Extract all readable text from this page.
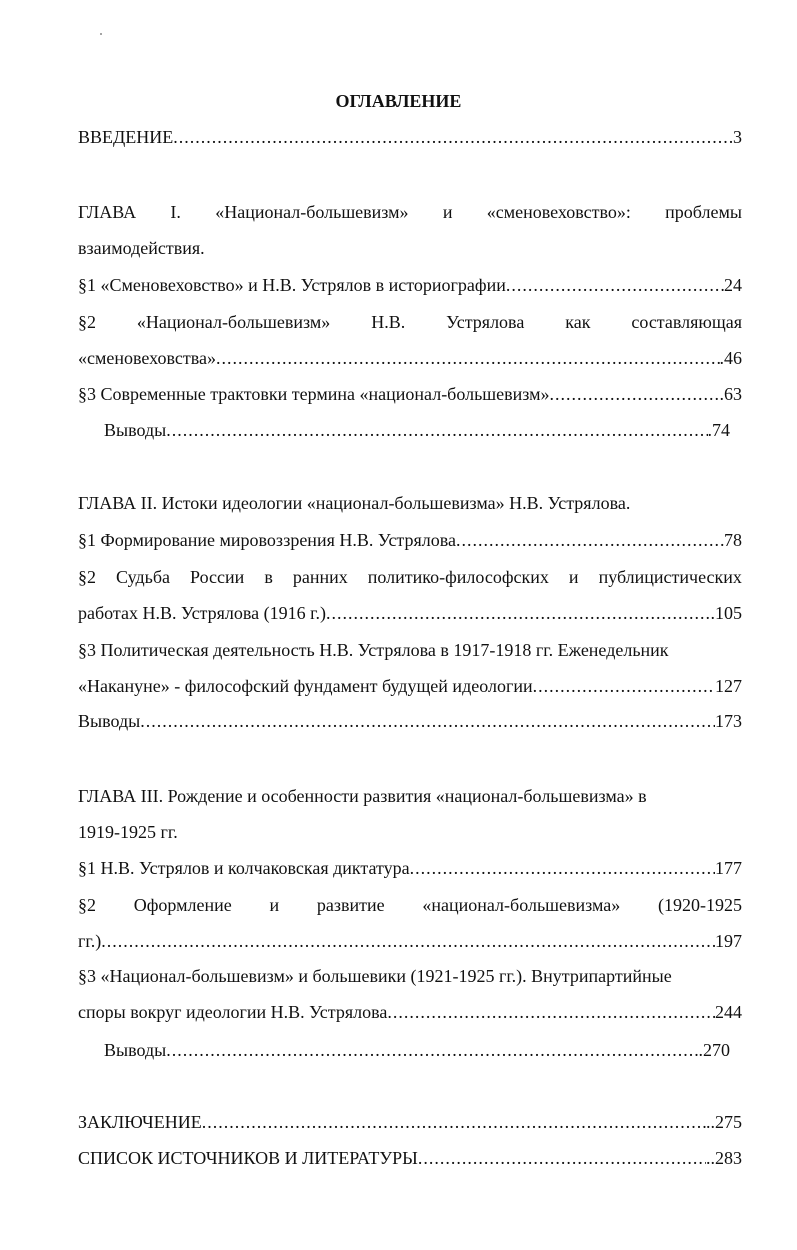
ОГЛАВЛЕНИЕ
ВВЕДЕНИЕ .....	3
ГЛАВА I. «Национал-большевизм» и «сменовеховство»: проблемы
взаимодействия.
§1 «Сменовеховство» и Н.В. Устрялов в историографии .....	24
§2 «Национал-большевизм» Н.В. Устрялова как составляющая
«сменовеховства» .....	.46
§3 Современные трактовки термина «национал-большевизм» .....	.63
Выводы .....	.74
ГЛАВА II. Истоки идеологии «национал-большевизма» Н.В. Устрялова.
§1 Формирование мировоззрения Н.В. Устрялова .....	78
§2 Судьба России в ранних политико-философских и публицистических
работах Н.В. Устрялова (1916 г.) .....	.105
§3 Политическая деятельность Н.В. Устрялова в 1917-1918 гг. Еженедельник
«Накануне» - философский фундамент будущей идеологии .....	127
Выводы .....	173
ГЛАВА III. Рождение и особенности развития «национал-большевизма» в
1919-1925 гг.
§1 Н.В. Устрялов и колчаковская диктатура .....	177
§2 Оформление и развитие «национал-большевизма» (1920-1925
гг.) .....	197
§3 «Национал-большевизм» и большевики (1921-1925 гг.). Внутрипартийные
споры вокруг идеологии Н.В. Устрялова .....	244
Выводы .....	.270
ЗАКЛЮЧЕНИЕ .....	..275
СПИСОК ИСТОЧНИКОВ И ЛИТЕРАТУРЫ .....	..283
